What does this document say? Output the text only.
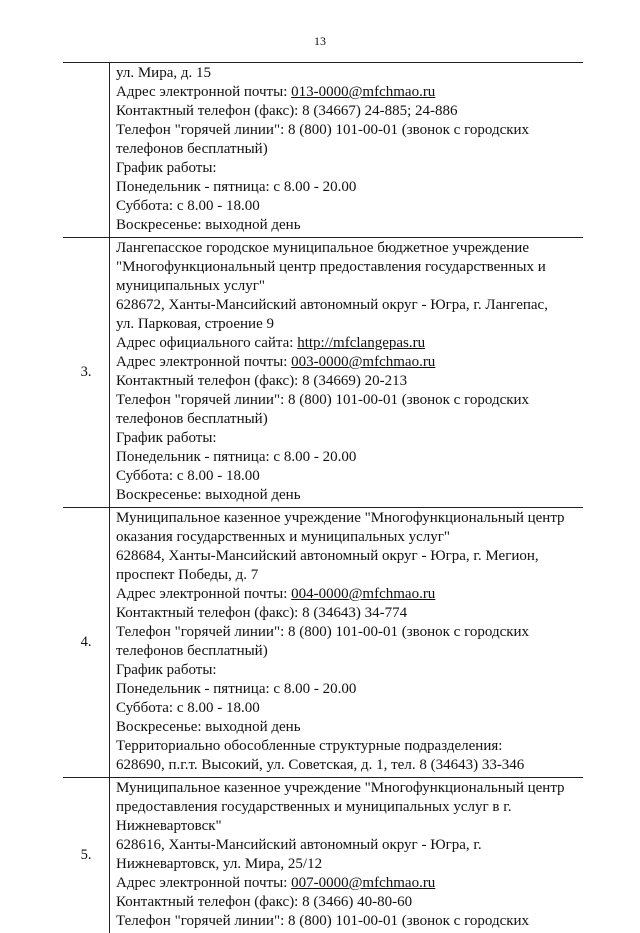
13
ул. Мира, д. 15
Адрес электронной почты: 013-0000@mfchmao.ru
Контактный телефон (факс): 8 (34667) 24-885; 24-886
Телефон "горячей линии": 8 (800) 101-00-01 (звонок с городских
телефонов бесплатный)
График работы:
Понедельник - пятница: с 8.00 - 20.00
Суббота: с 8.00 - 18.00
Воскресенье: выходной день
3.
Лангепасское городское муниципальное бюджетное учреждение
"Многофункциональный центр предоставления государственных и
муниципальных услуг"
628672, Ханты-Мансийский автономный округ - Югра, г. Лангепас,
ул. Парковая, строение 9
Адрес официального сайта: http://mfclangepas.ru
Адрес электронной почты: 003-0000@mfchmao.ru
Контактный телефон (факс): 8 (34669) 20-213
Телефон "горячей линии": 8 (800) 101-00-01 (звонок с городских
телефонов бесплатный)
График работы:
Понедельник - пятница: с 8.00 - 20.00
Суббота: с 8.00 - 18.00
Воскресенье: выходной день
4.
Муниципальное казенное учреждение "Многофункциональный центр
оказания государственных и муниципальных услуг"
628684, Ханты-Мансийский автономный округ - Югра, г. Мегион,
проспект Победы, д. 7
Адрес электронной почты: 004-0000@mfchmao.ru
Контактный телефон (факс): 8 (34643) 34-774
Телефон "горячей линии": 8 (800) 101-00-01 (звонок с городских
телефонов бесплатный)
График работы:
Понедельник - пятница: с 8.00 - 20.00
Суббота: с 8.00 - 18.00
Воскресенье: выходной день
Территориально обособленные структурные подразделения:
628690, п.г.т. Высокий, ул. Советская, д. 1, тел. 8 (34643) 33-346
5.
Муниципальное казенное учреждение "Многофункциональный центр
предоставления государственных и муниципальных услуг в г.
Нижневартовск"
628616, Ханты-Мансийский автономный округ - Югра, г.
Нижневартовск, ул. Мира, 25/12
Адрес электронной почты: 007-0000@mfchmao.ru
Контактный телефон (факс): 8 (3466) 40-80-60
Телефон "горячей линии": 8 (800) 101-00-01 (звонок с городских
